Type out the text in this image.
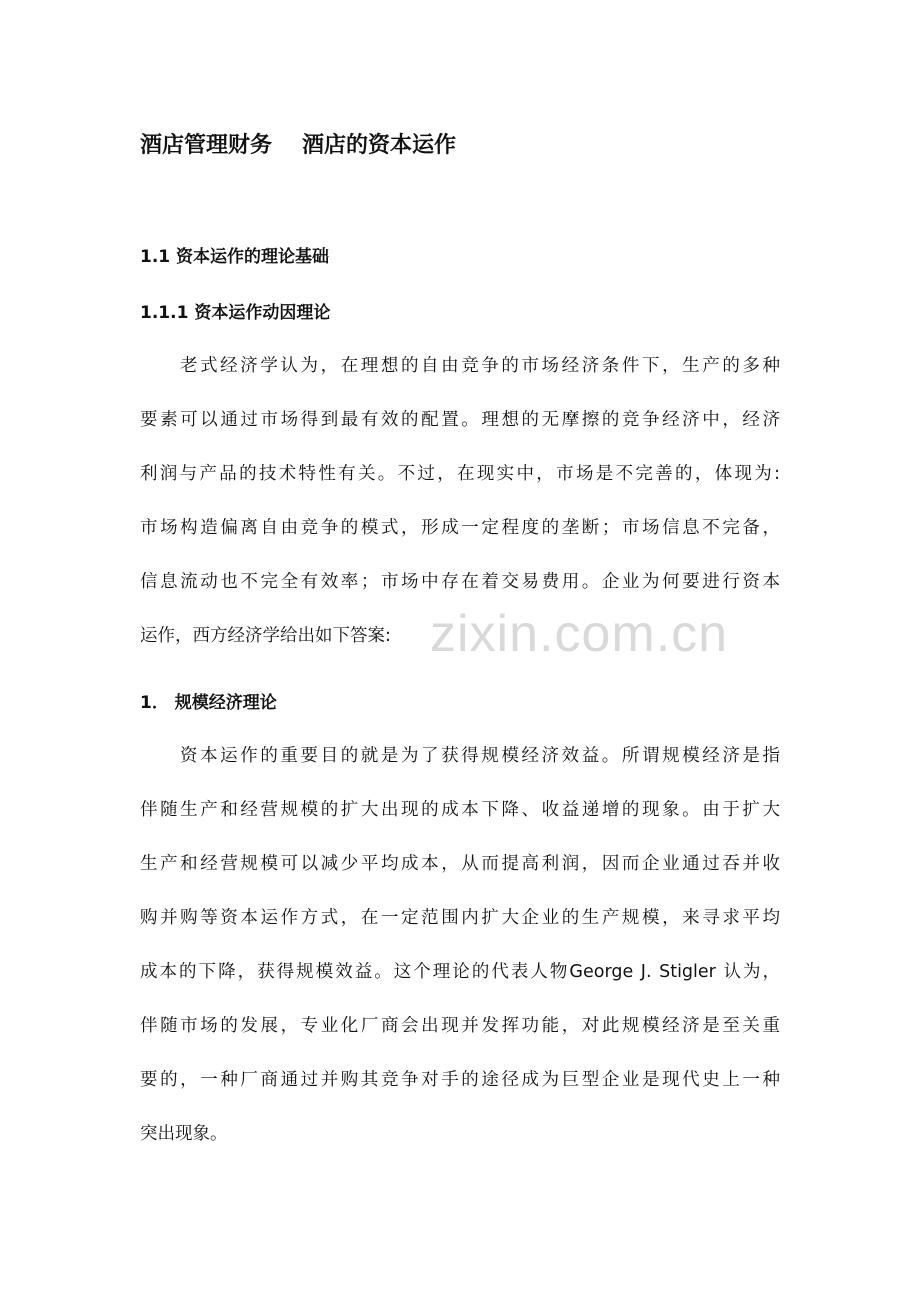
zixin.com.cn
酒店管理财务 酒店的资本运作
1.1 资本运作的理论基础
1.1.1 资本运作动因理论
老式经济学认为，在理想的自由竞争的市场经济条件下，生产的多种
要素可以通过市场得到最有效的配置。理想的无摩擦的竞争经济中，经济
利润与产品的技术特性有关。不过，在现实中，市场是不完善的，体现为:
市场构造偏离自由竞争的模式，形成一定程度的垄断；市场信息不完备，
信息流动也不完全有效率；市场中存在着交易费用。企业为何要进行资本
运作，西方经济学给出如下答案:
1． 规模经济理论
资本运作的重要目的就是为了获得规模经济效益。所谓规模经济是指
伴随生产和经营规模的扩大出现的成本下降、收益递增的现象。由于扩大
生产和经营规模可以减少平均成本，从而提高利润，因而企业通过吞并收
购并购等资本运作方式，在一定范围内扩大企业的生产规模，来寻求平均
成本的下降，获得规模效益。这个理论的代表人物George J. Stigler 认为，
伴随市场的发展，专业化厂商会出现并发挥功能，对此规模经济是至关重
要的，一种厂商通过并购其竞争对手的途径成为巨型企业是现代史上一种
突出现象。
